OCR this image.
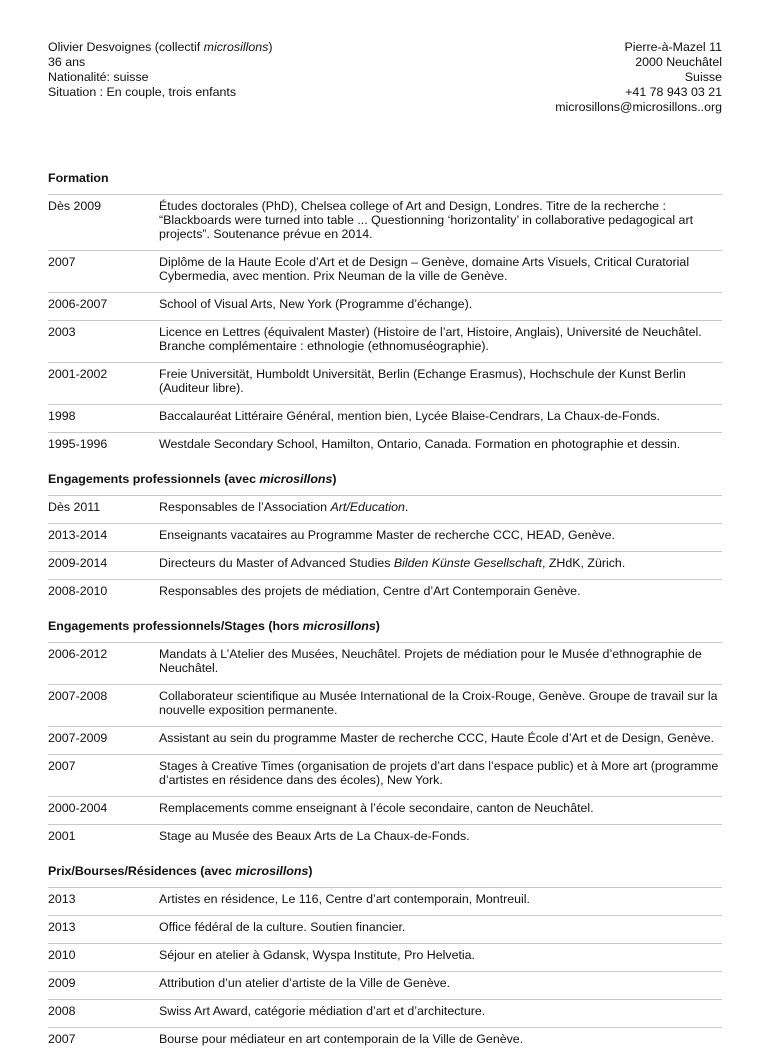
Olivier Desvoignes (collectif microsillons)
36 ans
Nationalité: suisse
Situation : En couple, trois enfants
Pierre-à-Mazel 11
2000 Neuchâtel
Suisse
+41 78 943 03 21
microsillons@microsillons..org
Formation
Dès 2009	Études doctorales (PhD), Chelsea college of Art and Design, Londres. Titre de la recherche : “Blackboards were turned into table ... Questionning ‘horizontality’ in collaborative pedagogical art projects”. Soutenance prévue en 2014.
2007	Diplôme de la Haute Ecole d’Art et de Design – Genève, domaine Arts Visuels, Critical Curatorial Cybermedia, avec mention. Prix Neuman de la ville de Genève.
2006-2007	School of Visual Arts, New York (Programme d’échange).
2003	Licence en Lettres (équivalent Master) (Histoire de l’art, Histoire, Anglais), Université de Neuchâtel. Branche complémentaire : ethnologie (ethnomuséographie).
2001-2002	Freie Universität, Humboldt Universität, Berlin (Echange Erasmus), Hochschule der Kunst Berlin (Auditeur libre).
1998	Baccalauréat Littéraire Général, mention bien, Lycée Blaise-Cendrars, La Chaux-de-Fonds.
1995-1996	Westdale Secondary School, Hamilton, Ontario, Canada. Formation en photographie et dessin.
Engagements professionnels (avec microsillons)
Dès 2011	Responsables de l’Association Art/Education.
2013-2014	Enseignants vacataires au Programme Master de recherche CCC, HEAD, Genève.
2009-2014	Directeurs du Master of Advanced Studies Bilden Künste Gesellschaft, ZHdK, Zürich.
2008-2010	Responsables des projets de médiation, Centre d’Art Contemporain Genève.
Engagements professionnels/Stages (hors microsillons)
2006-2012	Mandats à L’Atelier des Musées, Neuchâtel. Projets de médiation pour le Musée d’ethnographie de Neuchâtel.
2007-2008	Collaborateur scientifique au Musée International de la Croix-Rouge, Genève. Groupe de travail sur la nouvelle exposition permanente.
2007-2009	Assistant au sein du programme Master de recherche CCC, Haute École d’Art et de Design, Genève.
2007	Stages à Creative Times (organisation de projets d’art dans l’espace public) et à More art (programme d’artistes en résidence dans des écoles), New York.
2000-2004	Remplacements comme enseignant à l’école secondaire, canton de Neuchâtel.
2001	Stage au Musée des Beaux Arts de La Chaux-de-Fonds.
Prix/Bourses/Résidences (avec microsillons)
2013	Artistes en résidence, Le 116, Centre d’art contemporain, Montreuil.
2013	Office fédéral de la culture. Soutien financier.
2010	Séjour en atelier à Gdansk, Wyspa Institute, Pro Helvetia.
2009	Attribution d’un atelier d’artiste de la Ville de Genève.
2008	Swiss Art Award, catégorie médiation d’art et d’architecture.
2007	Bourse pour médiateur en art contemporain de la Ville de Genève.
